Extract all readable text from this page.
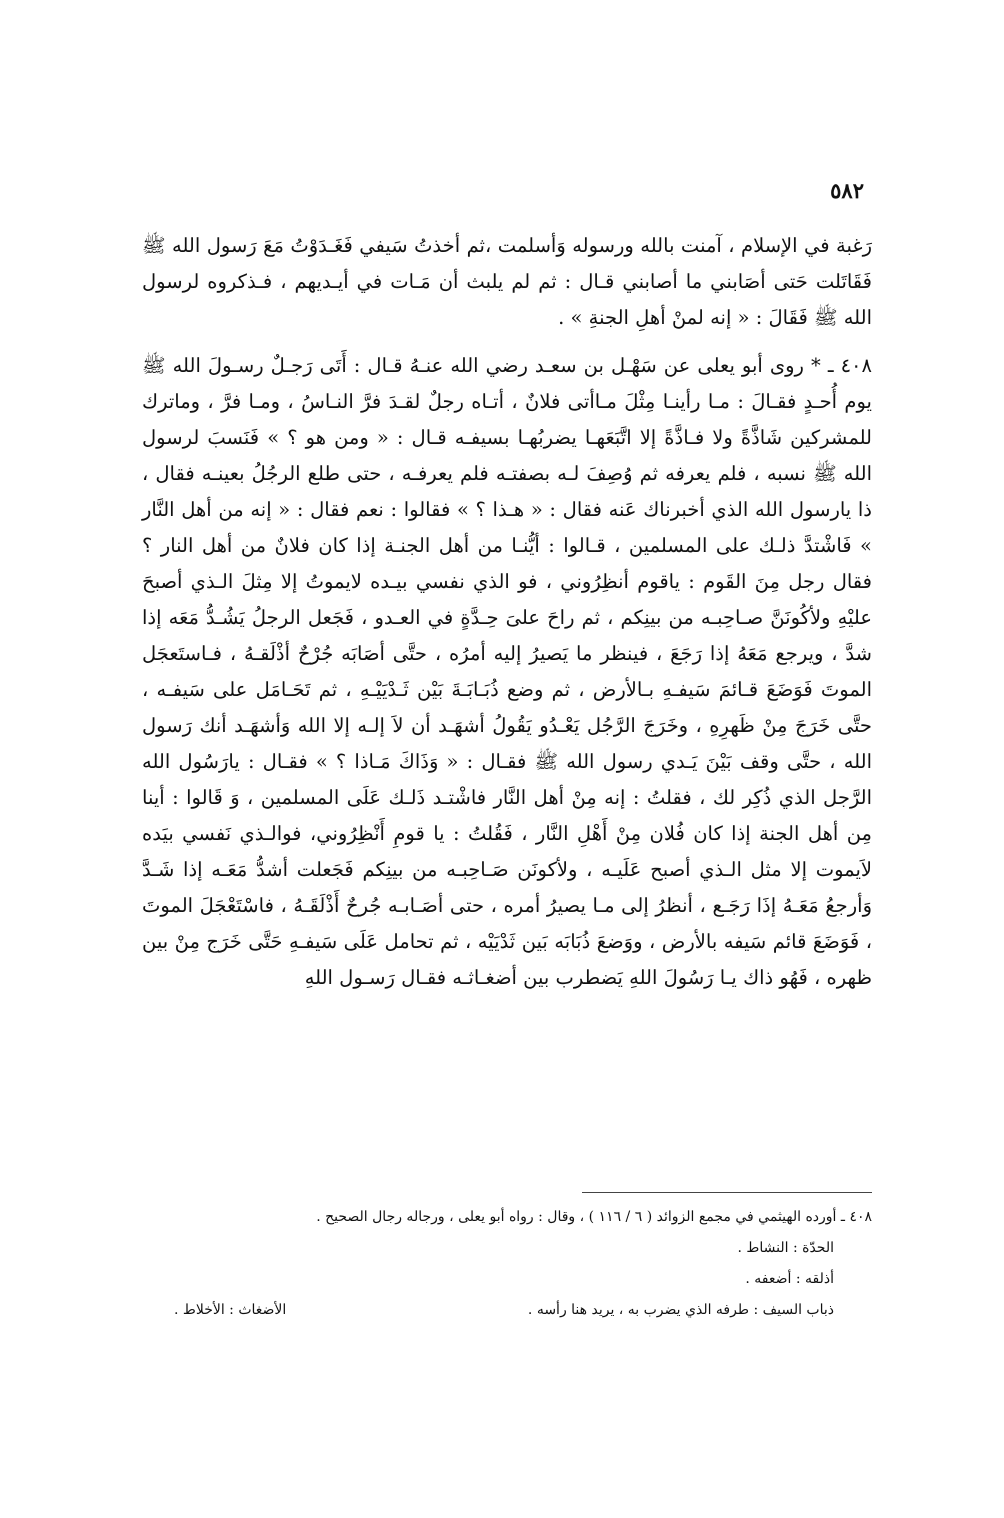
٥٨٢

رَغبة في الإسلام ، آمنت بالله ورسوله وَأسلمت ،ثم أخذتُ سَيفي فَغَـدَوْتُ مَعَ رَسول الله ﷺ فَقَاتَلت حَتى أصَابني ما أصابني قـال : ثم لم يلبث أن مَـات في أيـديهم ، فـذكروه لرسول الله ﷺ فَقَالَ : « إنه لمنْ أهلِ الجنةِ » .

٤٠٨ ـ * روى أبو يعلى عن سَهْـل بن سعـد رضي الله عنـهُ قـال : أَتَى رَجـلٌ رسـولَ الله ﷺ يوم أُحـدٍ فقـالَ : مـا رأينـا مِثْلَ مـاأتى فلانٌ ، أتـاه رجلٌ لقـدَ فرَّ النـاسُ ، ومـا فرَّ ، وماترك للمشركين شَاذَّةً ولا فـاذَّةً إلا اتَّبَعَهـا يضربُهـا بسيفـه قـال : « ومن هو ؟ » فَنَسبَ لرسول الله ﷺ نسبه ، فلم يعرفه ثم وُصِفَ لـه بصفتـه فلم يعرفـه ، حتى طلع الرجُلُ بعينـه فقال ، ذا يارسول الله الذي أخبرناك عَنه فقال : « هـذا ؟ » فقالوا : نعم فقال : « إنه من أهل النَّار » فَاشْتدَّ ذلـك على المسلمين ، قـالوا : أيُّنـا من أهل الجنـة إذا كان فلانٌ من أهل النار ؟ فقال رجل مِنَ القَوم : ياقوم أنظِرُوني ، فو الذي نفسي بيـده لايموتُ إلا مِثلَ الـذي أصبحَ عليْهِ ولأكُونَنَّ صـاحِبـه من بينِكم ، ثم راحَ علىَ حِـدَّةٍ في العـدو ، فَجَعل الرجلُ يَشُـدُّ مَعَه إذا شدَّ ، ويرجع مَعَهُ إذا رَجَعَ ، فينظر ما يَصيرُ إليه أمرُه ، حتَّى أصَابَه جُرْحٌ أذْلَقـهُ ، فـاستَعجَل الموتَ فَوَضَعَ قـائمَ سَيفـهِ بـالأرض ، ثم وضع ذُبَـابَـةَ بَيْن ثَـدْيَيْـهِ ، ثم تَحَـامَل على سَيفـه ، حتَّى خَرَجَ مِنْ ظَهرِهِ ، وخَرَجَ الرَّجُل يَعْـدُو يَقُولُ أشهَـد أن لاَ إلـه إلا الله وَأشهَـد أنك رَسول الله ، حتَّى وقف بَيْنَ يَـدي رسول الله ﷺ فقـال : « وَذَاكَ مَـاذا ؟ » فقـال : يارَسُول الله الرَّجل الذي ذُكِر لك ، فقلتُ : إنه مِنْ أهل النَّار فاشْتـد ذَلـك عَلَى المسلمين ، وَ قَالوا : أينا مِن أهل الجنة إذا كان فُلان مِنْ أَهْلِ النَّار ، فَقُلتُ : يا قومِ أَنْظِرُوني، فوالـذي نَفسي بيَده لاَيموت إلا مثل الـذي أصبح عَلَيـه ، ولأكونَن صَـاحِبـه من بينِكم فَجَعلت أشدُّ مَعَـه إذا شَـدَّ وَأرجعُ مَعَـهُ إذَا رَجَـع ، أنظرُ إلى مـا يصيرُ أمره ، حتى أصَـابـه جُرحٌ أَذْلَقَـهُ ، فاسْتَعْجَلَ الموتَ ، فَوَضَعَ قائم سَيفه بالأرض ، ووَضعَ ذُبَابَه بَين ثَدْيَيْه ، ثم تحامل عَلَى سَيفـهِ حَتَّى خَرَج مِنْ بين ظهره ، فَهُو ذاك يـا رَسُولَ اللهِ يَضطرب بين أضغـاثـه فقـال رَسـول اللهِ

٤٠٨ ـ أورده الهيثمي في مجمع الزوائد ( ٦ / ١١٦ ) ، وقال : رواه أبو يعلى ، ورجاله رجال الصحيح .

الحدّة : النشاط .

أذلقه : أضعفه .

ذباب السيف : طرفه الذي يضرب به ، يريد هنا رأسه .
الأضغاث : الأخلاط .
